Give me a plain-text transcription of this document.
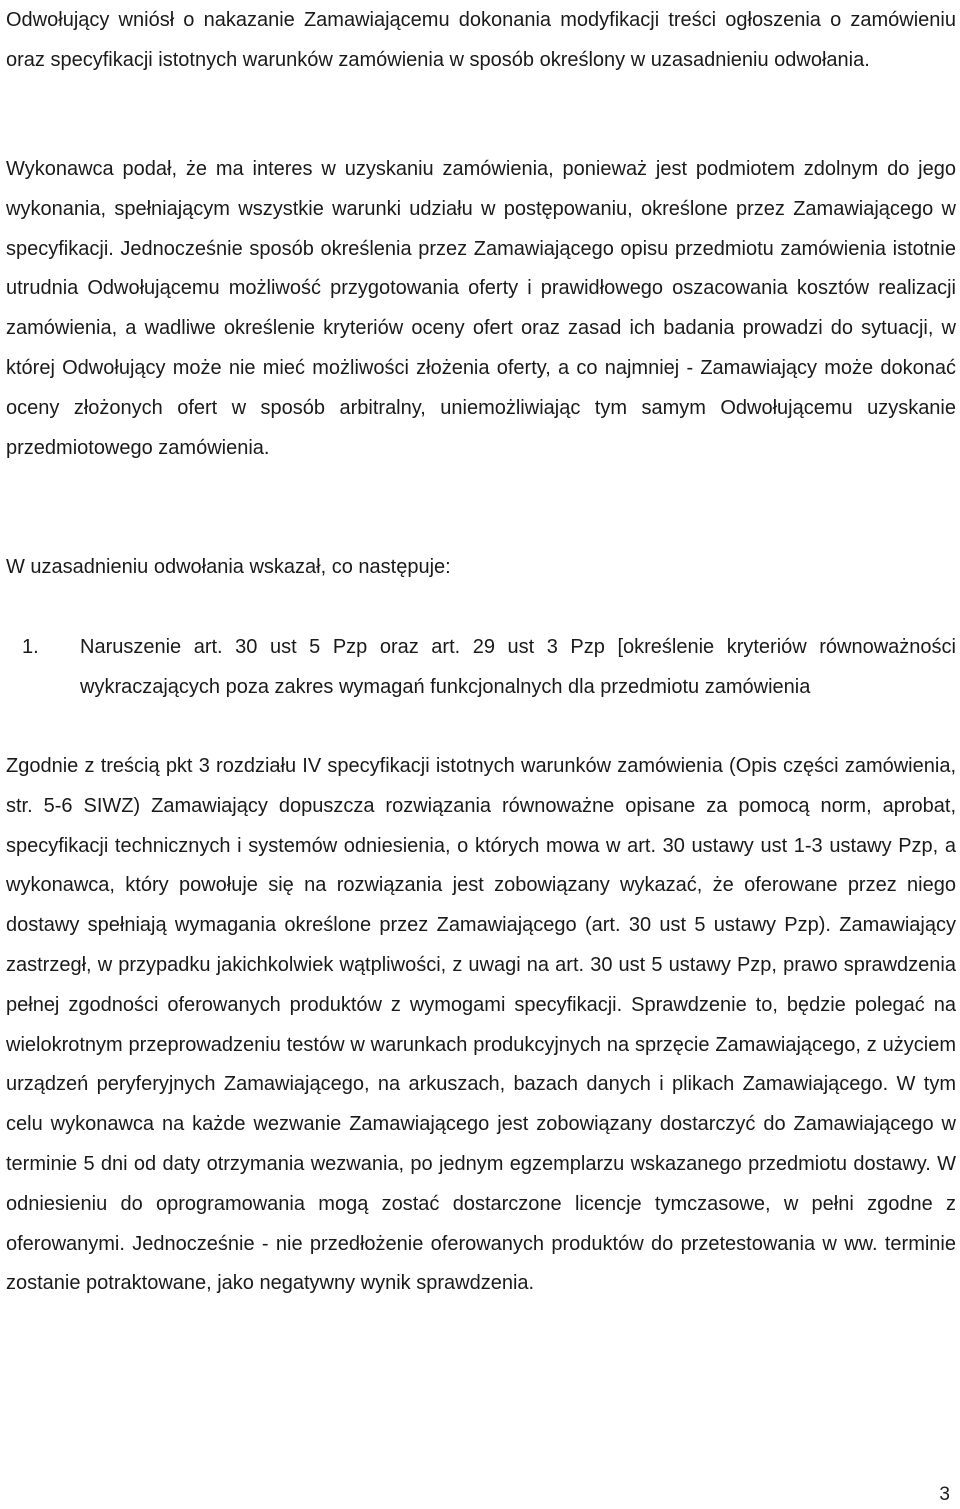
Odwołujący wniósł o nakazanie Zamawiającemu dokonania modyfikacji treści ogłoszenia o zamówieniu oraz specyfikacji istotnych warunków zamówienia w sposób określony w uzasadnieniu odwołania.

Wykonawca podał, że ma interes w uzyskaniu zamówienia, ponieważ jest podmiotem zdolnym do jego wykonania, spełniającym wszystkie warunki udziału w postępowaniu, określone przez Zamawiającego w specyfikacji. Jednocześnie sposób określenia przez Zamawiającego opisu przedmiotu zamówienia istotnie utrudnia Odwołującemu możliwość przygotowania oferty i prawidłowego oszacowania kosztów realizacji zamówienia, a wadliwe określenie kryteriów oceny ofert oraz zasad ich badania prowadzi do sytuacji, w której Odwołujący może nie mieć możliwości złożenia oferty, a co najmniej - Zamawiający może dokonać oceny złożonych ofert w sposób arbitralny, uniemożliwiając tym samym Odwołującemu uzyskanie przedmiotowego zamówienia.

W uzasadnieniu odwołania wskazał, co następuje:

1. Naruszenie art. 30 ust 5 Pzp oraz art. 29 ust 3 Pzp [określenie kryteriów równoważności wykraczających poza zakres wymagań funkcjonalnych dla przedmiotu zamówienia

Zgodnie z treścią pkt 3 rozdziału IV specyfikacji istotnych warunków zamówienia (Opis części zamówienia, str. 5-6 SIWZ) Zamawiający dopuszcza rozwiązania równoważne opisane za pomocą norm, aprobat, specyfikacji technicznych i systemów odniesienia, o których mowa w art. 30 ustawy ust 1-3 ustawy Pzp, a wykonawca, który powołuje się na rozwiązania jest zobowiązany wykazać, że oferowane przez niego dostawy spełniają wymagania określone przez Zamawiającego (art. 30 ust 5 ustawy Pzp). Zamawiający zastrzegł, w przypadku jakichkolwiek wątpliwości, z uwagi na art. 30 ust 5 ustawy Pzp, prawo sprawdzenia pełnej zgodności oferowanych produktów z wymogami specyfikacji. Sprawdzenie to, będzie polegać na wielokrotnym przeprowadzeniu testów w warunkach produkcyjnych na sprzęcie Zamawiającego, z użyciem urządzeń peryferyjnych Zamawiającego, na arkuszach, bazach danych i plikach Zamawiającego. W tym celu wykonawca na każde wezwanie Zamawiającego jest zobowiązany dostarczyć do Zamawiającego w terminie 5 dni od daty otrzymania wezwania, po jednym egzemplarzu wskazanego przedmiotu dostawy. W odniesieniu do oprogramowania mogą zostać dostarczone licencje tymczasowe, w pełni zgodne z oferowanymi. Jednocześnie - nie przedłożenie oferowanych produktów do przetestowania w ww. terminie zostanie potraktowane, jako negatywny wynik sprawdzenia.

3
